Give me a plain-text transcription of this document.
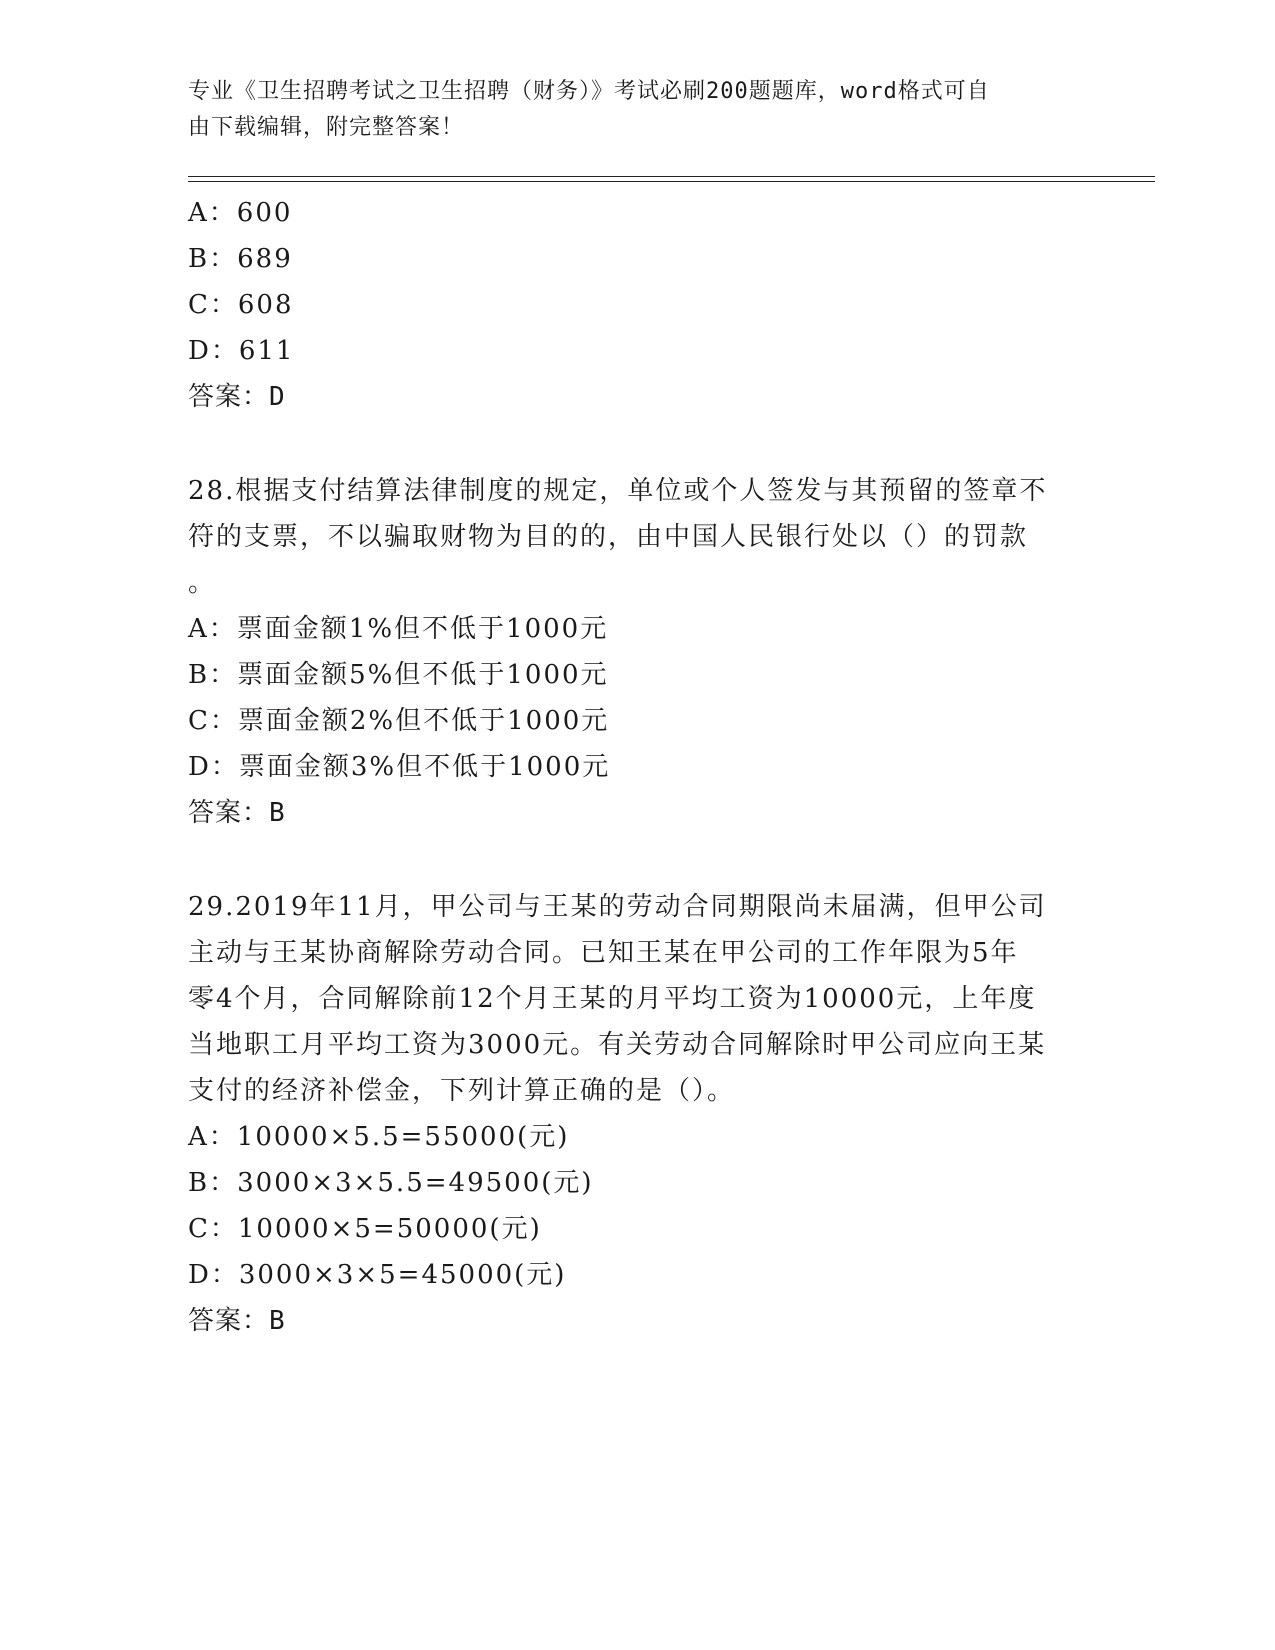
专业《卫生招聘考试之卫生招聘（财务）》考试必刷200题题库，word格式可自
由下载编辑，附完整答案！
A：600
B：689
C：608
D：611
答案：D
28.根据支付结算法律制度的规定，单位或个人签发与其预留的签章不
符的支票，不以骗取财物为目的的，由中国人民银行处以（）的罚款
。
A：票面金额1%但不低于1000元
B：票面金额5%但不低于1000元
C：票面金额2%但不低于1000元
D：票面金额3%但不低于1000元
答案：B
29.2019年11月，甲公司与王某的劳动合同期限尚未届满，但甲公司
主动与王某协商解除劳动合同。已知王某在甲公司的工作年限为5年
零4个月，合同解除前12个月王某的月平均工资为10000元，上年度
当地职工月平均工资为3000元。有关劳动合同解除时甲公司应向王某
支付的经济补偿金，下列计算正确的是（）。
A：10000×5.5=55000(元)
B：3000×3×5.5=49500(元)
C：10000×5=50000(元)
D：3000×3×5=45000(元)
答案：B
